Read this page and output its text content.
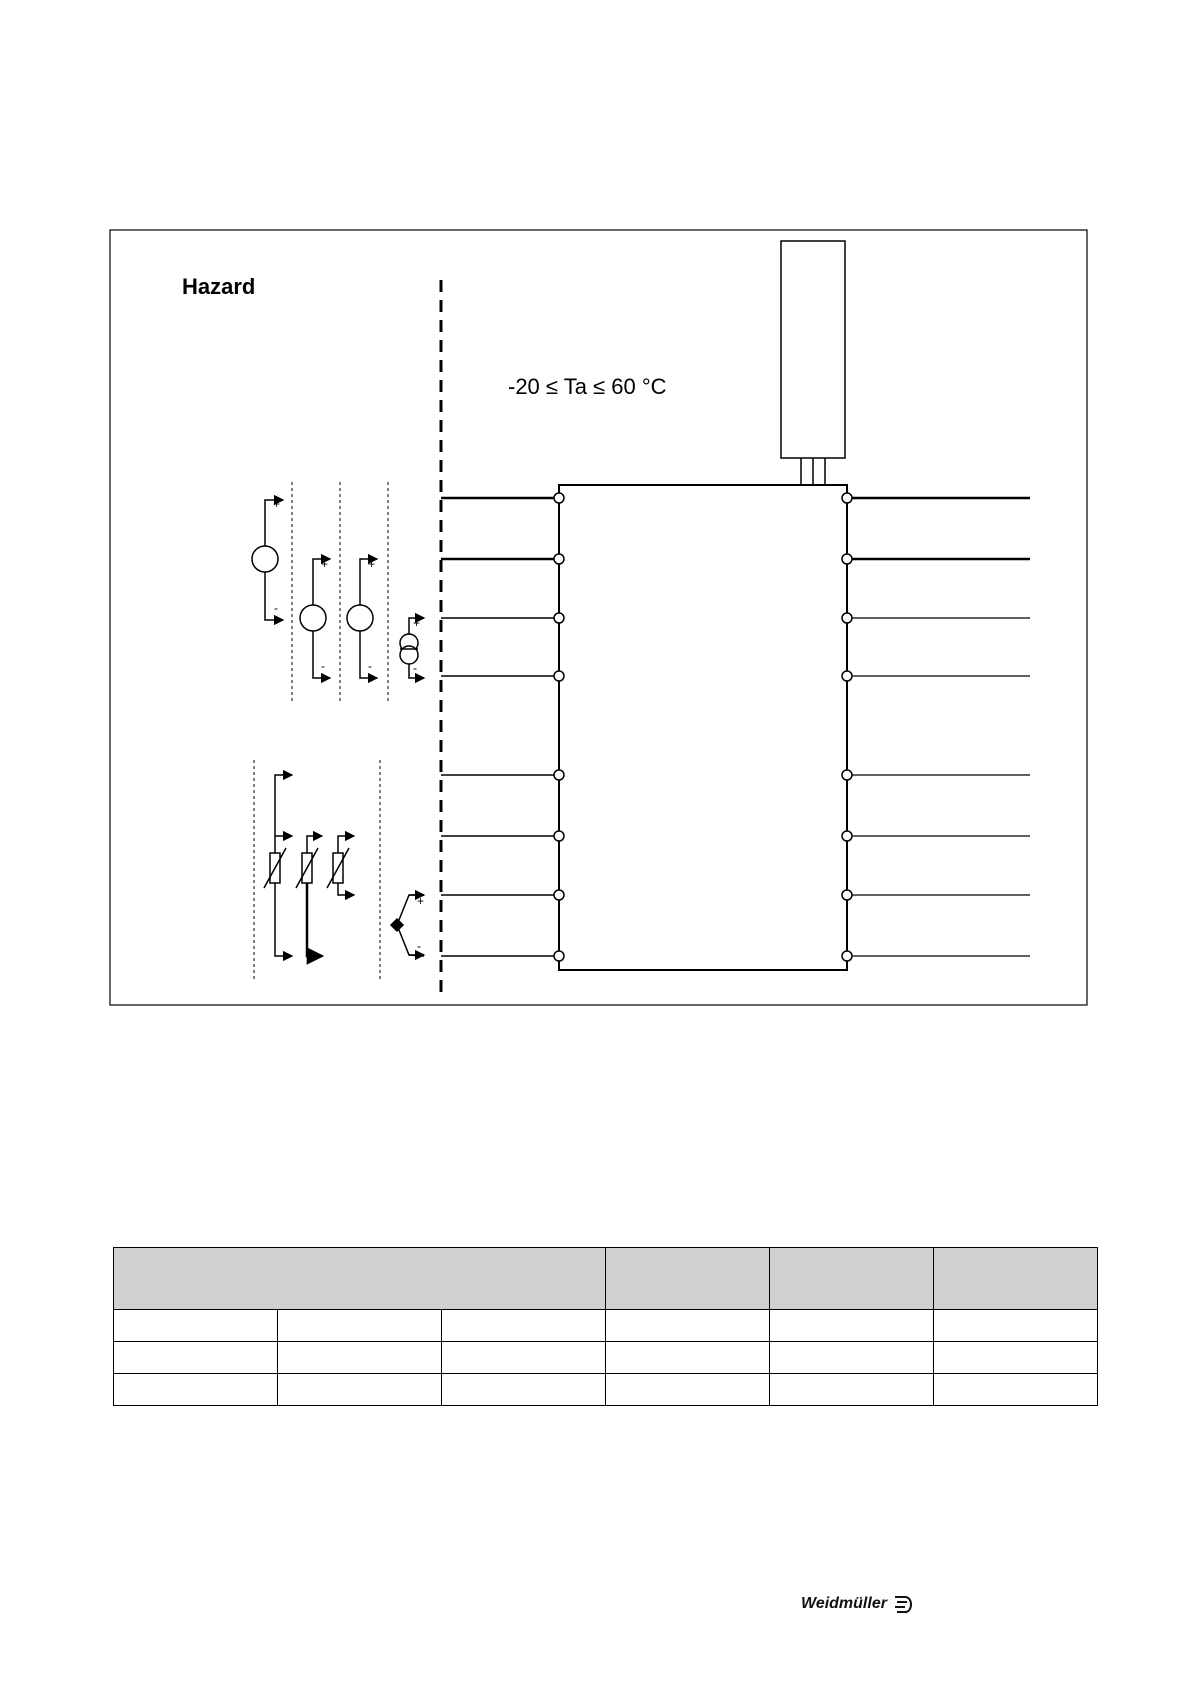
+
-
+
-
+
-
+
-
+
-
Hazard
-20 ≤ Ta ≤ 60 °C

Weidmüller
